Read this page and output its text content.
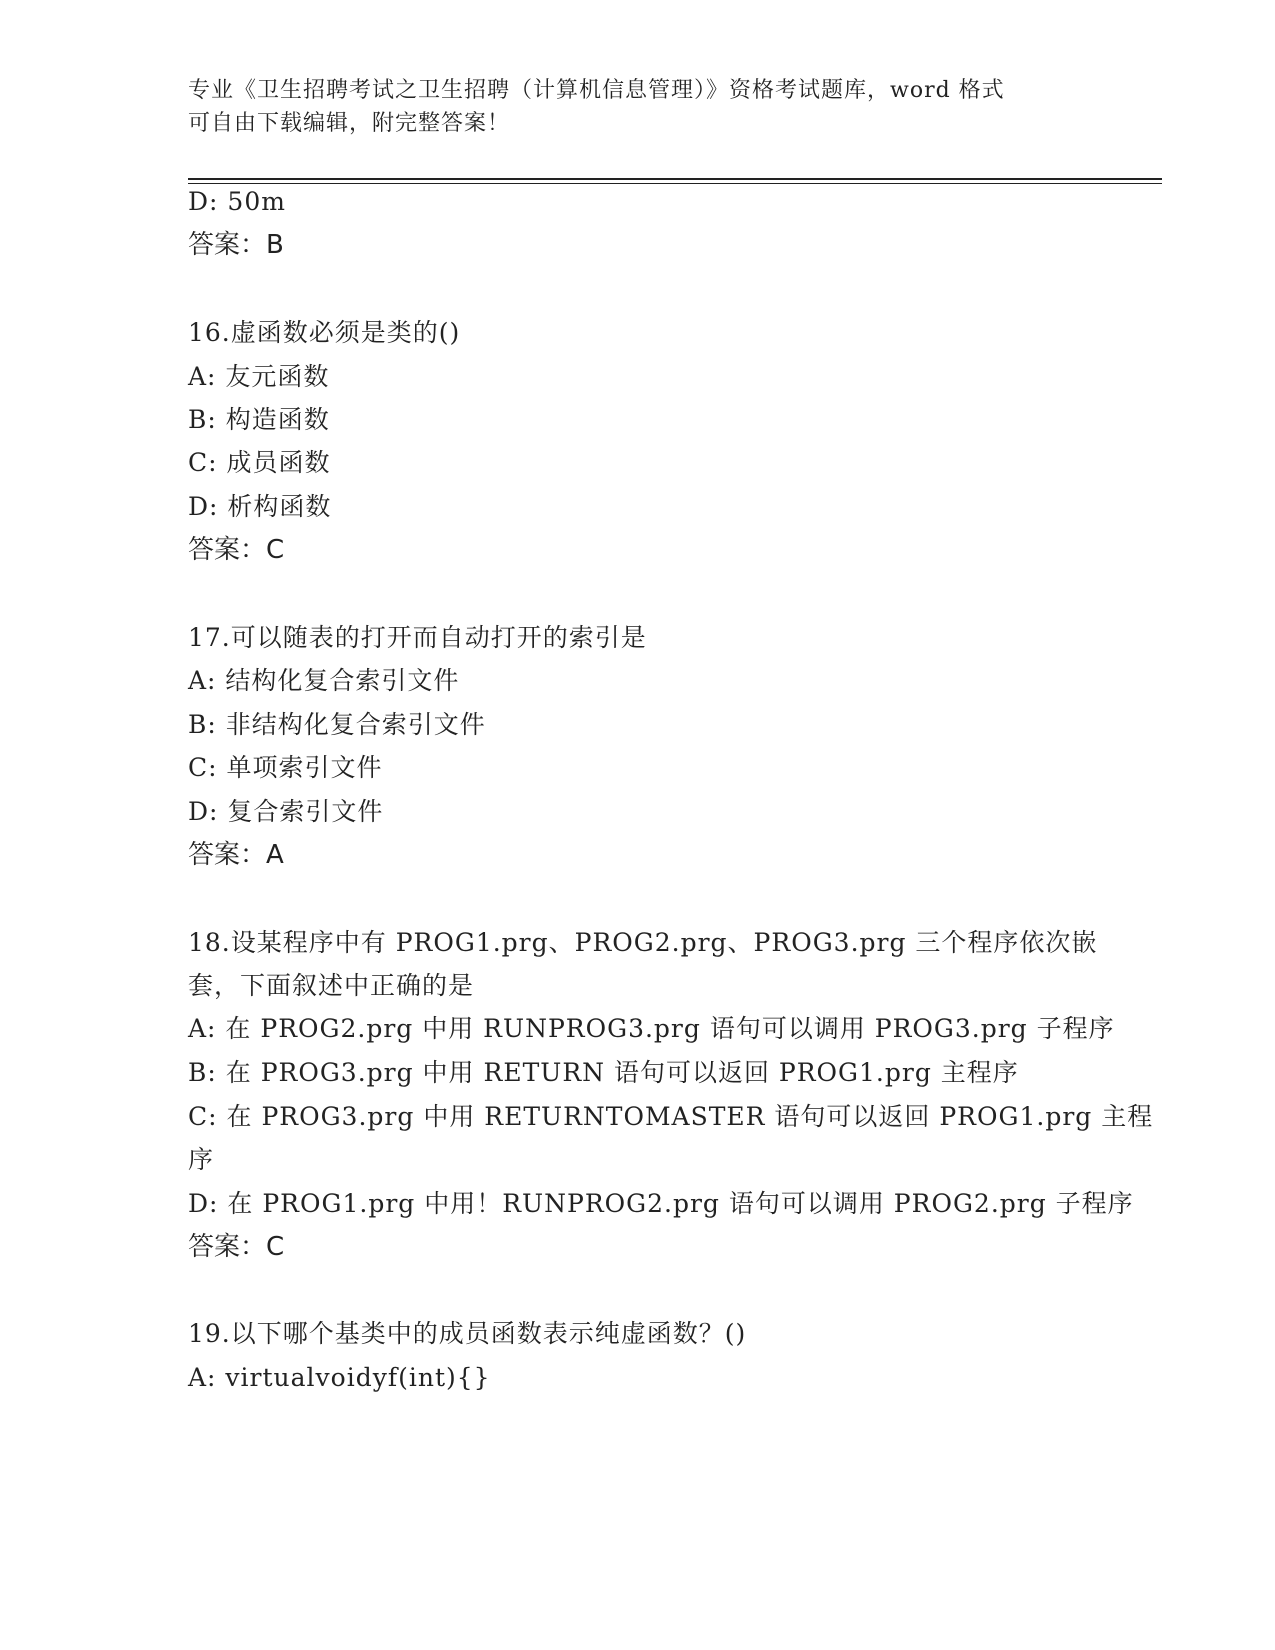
专业《卫生招聘考试之卫生招聘（计算机信息管理）》资格考试题库，word 格式
可自由下载编辑，附完整答案！
D: 50m
答案：B
16.虚函数必须是类的()
A: 友元函数
B: 构造函数
C: 成员函数
D: 析构函数
答案：C
17.可以随表的打开而自动打开的索引是
A: 结构化复合索引文件
B: 非结构化复合索引文件
C: 单项索引文件
D: 复合索引文件
答案：A
18.设某程序中有 PROG1.prg、PROG2.prg、PROG3.prg 三个程序依次嵌
套，下面叙述中正确的是
A: 在 PROG2.prg 中用 RUNPROG3.prg 语句可以调用 PROG3.prg 子程序
B: 在 PROG3.prg 中用 RETURN 语句可以返回 PROG1.prg 主程序
C: 在 PROG3.prg 中用 RETURNTOMASTER 语句可以返回 PROG1.prg 主程
序
D: 在 PROG1.prg 中用！RUNPROG2.prg 语句可以调用 PROG2.prg 子程序
答案：C
19.以下哪个基类中的成员函数表示纯虚函数？()
A: virtualvoidyf(int){}
